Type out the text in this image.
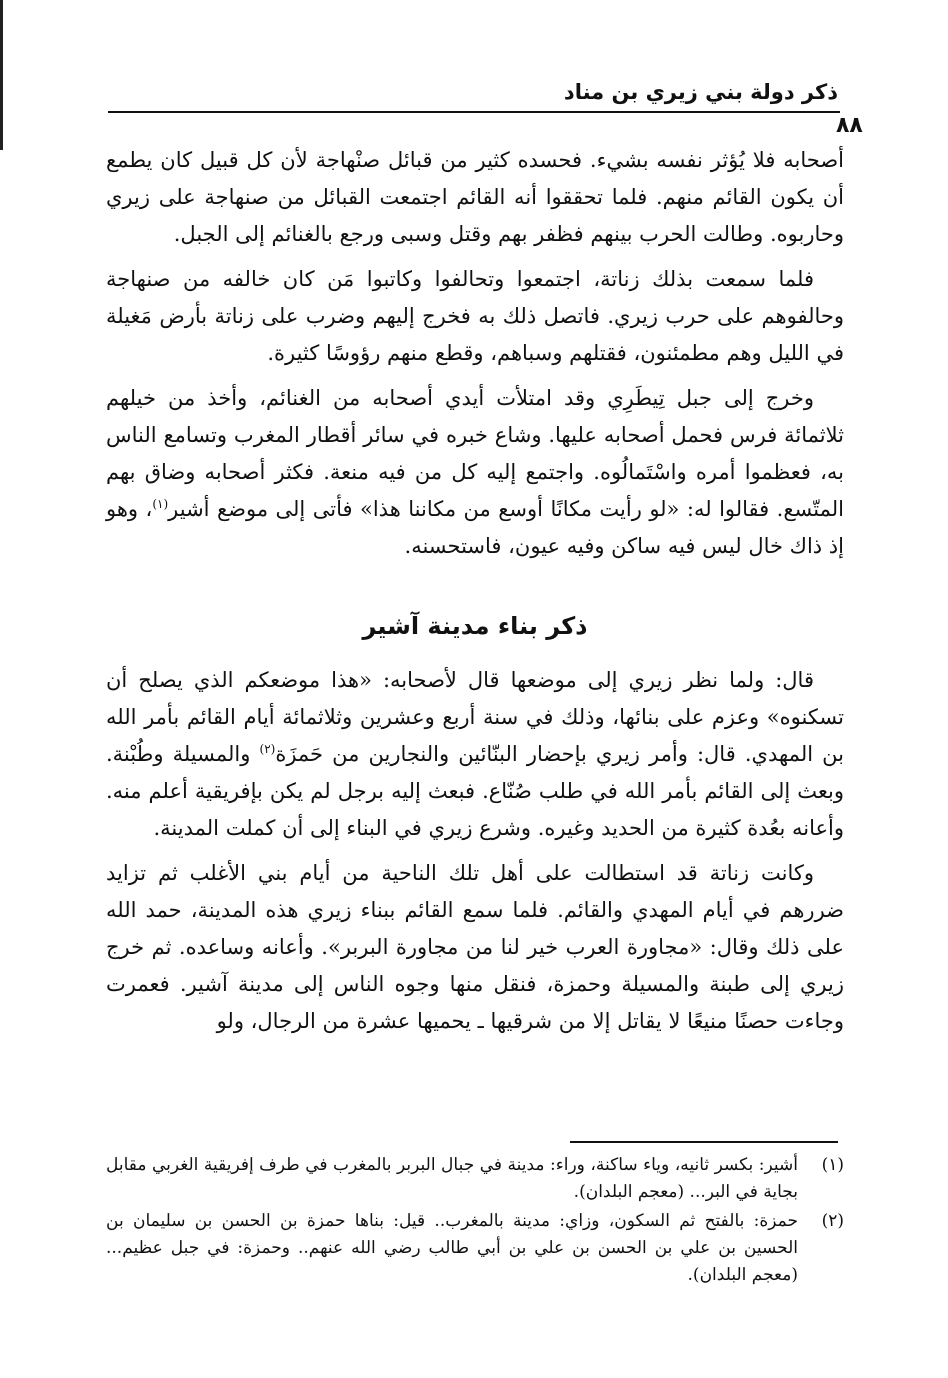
ذكر دولة بني زيري بن مناد
٨٨

أصحابه فلا يُؤثر نفسه بشيء. فحسده كثير من قبائل صنْهاجة لأن كل قبيل كان يطمع أن يكون القائم منهم. فلما تحققوا أنه القائم اجتمعت القبائل من صنهاجة على زيري وحاربوه. وطالت الحرب بينهم فظفر بهم وقتل وسبى ورجع بالغنائم إلى الجبل.

فلما سمعت بذلك زناتة، اجتمعوا وتحالفوا وكاتبوا مَن كان خالفه من صنهاجة وحالفوهم على حرب زيري. فاتصل ذلك به فخرج إليهم وضرب على زناتة بأرض مَغيلة في الليل وهم مطمئنون، فقتلهم وسباهم، وقطع منهم رؤوسًا كثيرة.

وخرج إلى جبل تِيطَرِي وقد امتلأت أيدي أصحابه من الغنائم، وأخذ من خيلهم ثلاثمائة فرس فحمل أصحابه عليها. وشاع خبره في سائر أقطار المغرب وتسامع الناس به، فعظموا أمره واسْتَمالُوه. واجتمع إليه كل من فيه منعة. فكثر أصحابه وضاق بهم المتّسع. فقالوا له: «لو رأيت مكانًا أوسع من مكاننا هذا» فأتى إلى موضع أشير$^{(١)}$، وهو إذ ذاك خال ليس فيه ساكن وفيه عيون، فاستحسنه.

ذكر بناء مدينة آشير

قال: ولما نظر زيري إلى موضعها قال لأصحابه: «هذا موضعكم الذي يصلح أن تسكنوه» وعزم على بنائها، وذلك في سنة أربع وعشرين وثلاثمائة أيام القائم بأمر الله بن المهدي. قال: وأمر زيري بإحضار البنّائين والنجارين من حَمزَة$^{(٢)}$ والمسيلة وطُبْنة. وبعث إلى القائم بأمر الله في طلب صُنّاع. فبعث إليه برجل لم يكن بإفريقية أعلم منه. وأعانه بعُدة كثيرة من الحديد وغيره. وشرع زيري في البناء إلى أن كملت المدينة.

وكانت زناتة قد استطالت على أهل تلك الناحية من أيام بني الأغلب ثم تزايد ضررهم في أيام المهدي والقائم. فلما سمع القائم ببناء زيري هذه المدينة، حمد الله على ذلك وقال: «مجاورة العرب خير لنا من مجاورة البربر». وأعانه وساعده. ثم خرج زيري إلى طبنة والمسيلة وحمزة، فنقل منها وجوه الناس إلى مدينة آشير. فعمرت وجاءت حصنًا منيعًا لا يقاتل إلا من شرقيها ـ يحميها عشرة من الرجال، ولو

(١)
أشير: بكسر ثانيه، وياء ساكنة، وراء: مدينة في جبال البربر بالمغرب في طرف إفريقية الغربي مقابل بجاية في البر... (معجم البلدان).
(٢)
حمزة: بالفتح ثم السكون، وزاي: مدينة بالمغرب.. قيل: بناها حمزة بن الحسن بن سليمان بن الحسين بن علي بن الحسن بن علي بن أبي طالب رضي الله عنهم.. وحمزة: في جبل عظيم... (معجم البلدان).
